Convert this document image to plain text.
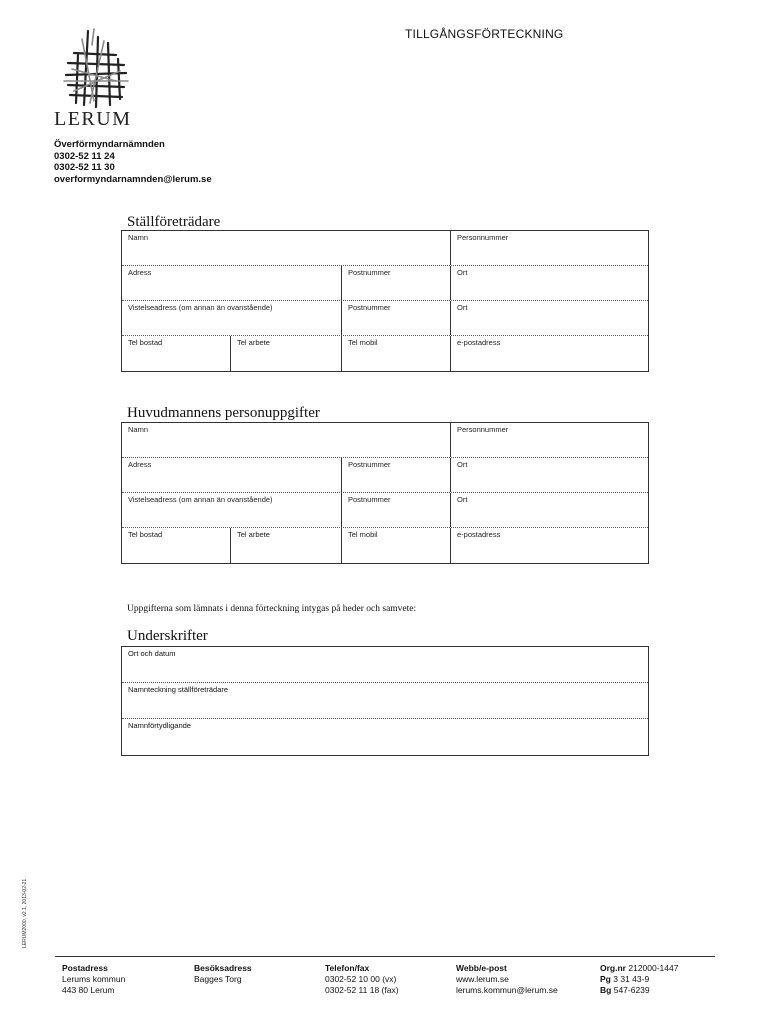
TILLGÅNGSFÖRTECKNING
LERUM
Överförmyndarnämnden
0302-52 11 24
0302-52 11 30
overformyndarnamnden@lerum.se
Ställföreträdare
Namn	Personnummer
Adress	Postnummer	Ort
Vistelseadress (om annan än ovanstående)	Postnummer	Ort
Tel bostad	Tel arbete	Tel mobil	e-postadress
Huvudmannens personuppgifter
Namn	Personnummer
Adress	Postnummer	Ort
Vistelseadress (om annan än ovanstående)	Postnummer	Ort
Tel bostad	Tel arbete	Tel mobil	e-postadress
Uppgifterna som lämnats i denna förteckning intygas på heder och samvete:
Underskrifter
Ort och datum
Namnteckning ställföreträdare
Namnförtydligande
LERUM2000, v2.1, 2013-02-21
Postadress
Lerums kommun
443 80 Lerum
Besöksadress
Bagges Torg
Telefon/fax
0302-52 10 00 (vx)
0302-52 11 18 (fax)
Webb/e-post
www.lerum.se
lerums.kommun@lerum.se
Org.nr 212000-1447
Pg 3 31 43-9
Bg 547-6239
